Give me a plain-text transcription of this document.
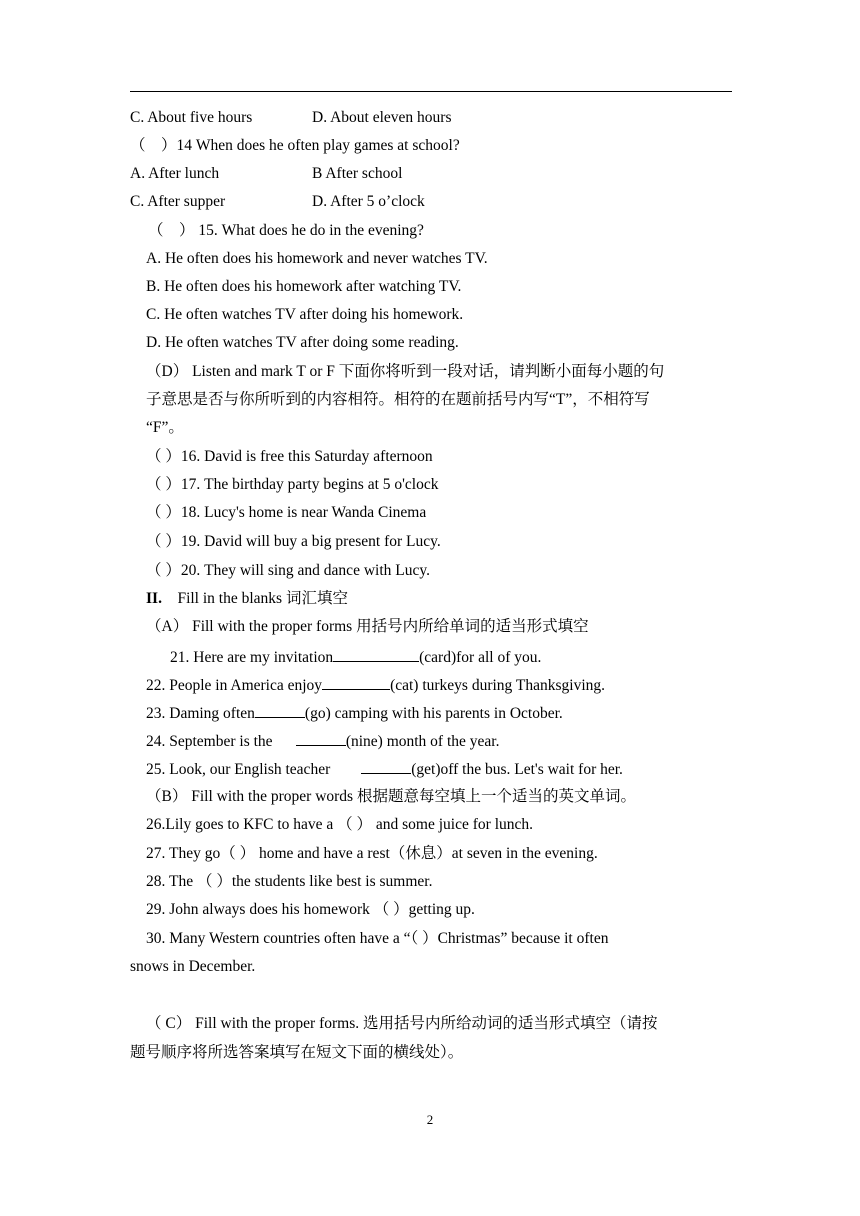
C. About five hours	D. About eleven hours
（　）14 When does he often play games at school?
A. After lunch	B After school
C. After supper	D. After 5 o’clock
（　） 15. What does he do in the evening?
A. He often does his homework and never watches TV.
B. He often does his homework after watching TV.
C. He often watches TV after doing his homework.
D. He often watches TV after doing some reading.
（D） Listen and mark T or F 下面你将听到一段对话，请判断小面每小题的句
子意思是否与你所听到的内容相符。相符的在题前括号内写“T”，不相符写
“F”。
（ ）16. David is free this Saturday afternoon
（ ）17. The birthday party begins at 5 o'clock
（ ）18. Lucy's home is near Wanda Cinema
（ ）19. David will buy a big present for Lucy.
（ ）20. They will sing and dance with Lucy.
II. Fill in the blanks 词汇填空
（A） Fill with the proper forms 用括号内所给单词的适当形式填空
21. Here are my invitation	(card)for all of you.
22. People in America enjoy	(cat) turkeys during Thanksgiving.
23. Daming often	(go) camping with his parents in October.
24. September is the	(nine) month of the year.
25. Look, our English teacher	(get)off the bus. Let's wait for her.
（B） Fill with the proper words 根据题意每空填上一个适当的英文单词。
26.Lily goes to KFC to have a （ ） and some juice for lunch.
27. They go（ ） home and have a rest（休息）at seven in the evening.
28. The （ ）the students like best is summer.
29. John always does his homework （ ）getting up.
30. Many Western countries often have a “（ ）Christmas” because it often
snows in December.
（ C） Fill with the proper forms. 选用括号内所给动词的适当形式填空（请按
题号顺序将所选答案填写在短文下面的横线处）。
2
